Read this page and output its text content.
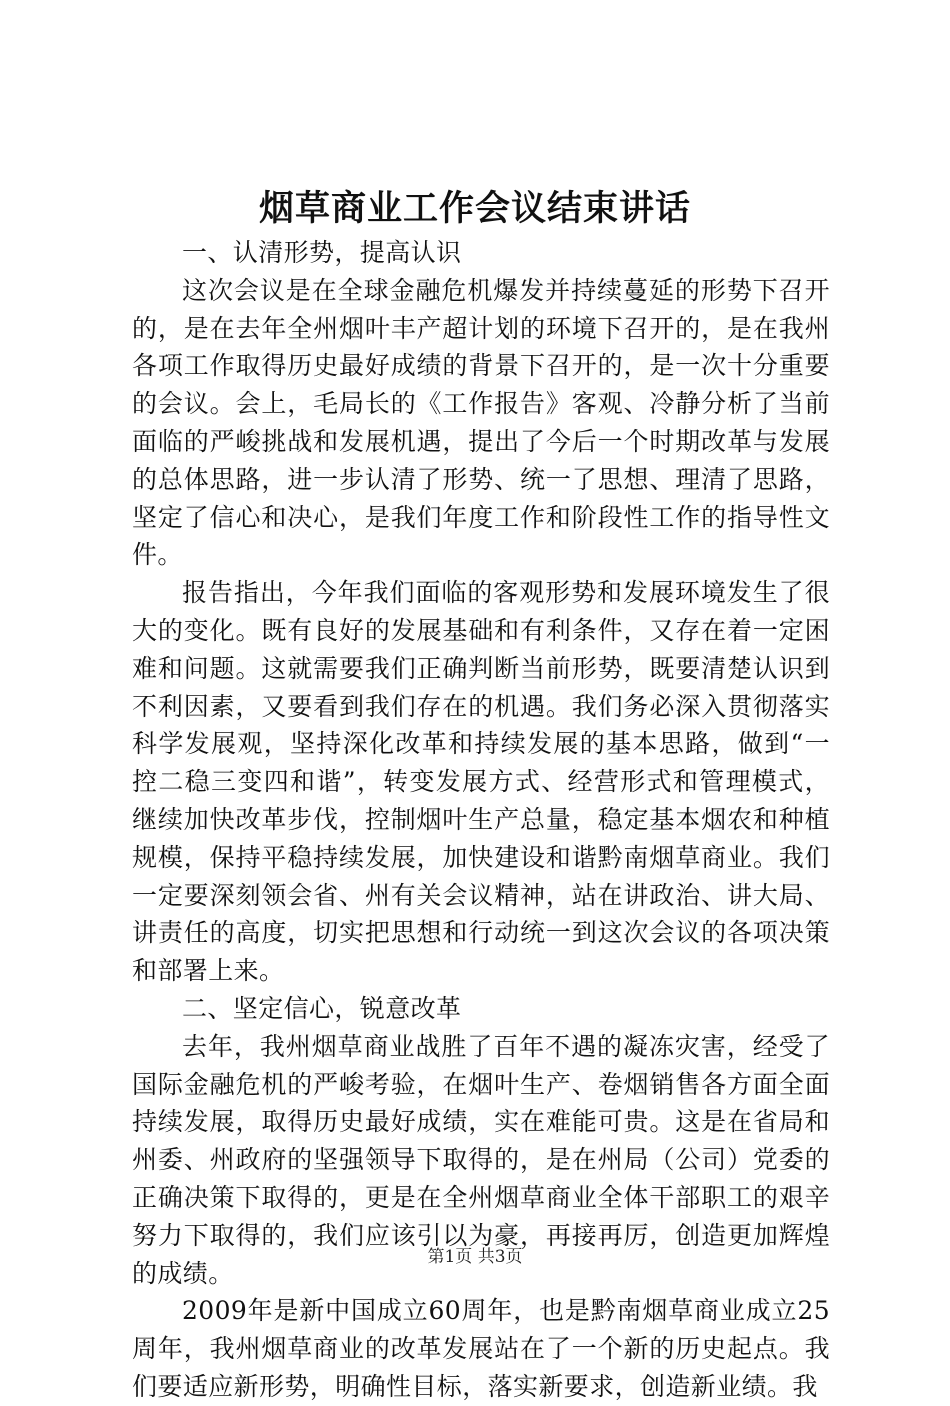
烟草商业工作会议结束讲话

一、认清形势，提高认识

这次会议是在全球金融危机爆发并持续蔓延的形势下召开的，是在去年全州烟叶丰产超计划的环境下召开的，是在我州各项工作取得历史最好成绩的背景下召开的，是一次十分重要的会议。会上，毛局长的《工作报告》客观、冷静分析了当前面临的严峻挑战和发展机遇，提出了今后一个时期改革与发展的总体思路，进一步认清了形势、统一了思想、理清了思路，坚定了信心和决心，是我们年度工作和阶段性工作的指导性文件。

报告指出，今年我们面临的客观形势和发展环境发生了很大的变化。既有良好的发展基础和有利条件，又存在着一定困难和问题。这就需要我们正确判断当前形势，既要清楚认识到不利因素，又要看到我们存在的机遇。我们务必深入贯彻落实科学发展观，坚持深化改革和持续发展的基本思路，做到“一控二稳三变四和谐”，转变发展方式、经营形式和管理模式，继续加快改革步伐，控制烟叶生产总量，稳定基本烟农和种植规模，保持平稳持续发展，加快建设和谐黔南烟草商业。我们一定要深刻领会省、州有关会议精神，站在讲政治、讲大局、讲责任的高度，切实把思想和行动统一到这次会议的各项决策和部署上来。

二、坚定信心，锐意改革

去年，我州烟草商业战胜了百年不遇的凝冻灾害，经受了国际金融危机的严峻考验，在烟叶生产、卷烟销售各方面全面持续发展，取得历史最好成绩，实在难能可贵。这是在省局和州委、州政府的坚强领导下取得的，是在州局（公司）党委的正确决策下取得的，更是在全州烟草商业全体干部职工的艰辛努力下取得的，我们应该引以为豪，再接再厉，创造更加辉煌的成绩。

2009年是新中国成立60周年，也是黔南烟草商业成立25周年，我州烟草商业的改革发展站在了一个新的历史起点。我们要适应新形势，明确性目标，落实新要求，创造新业绩。我

第1页 共3页
